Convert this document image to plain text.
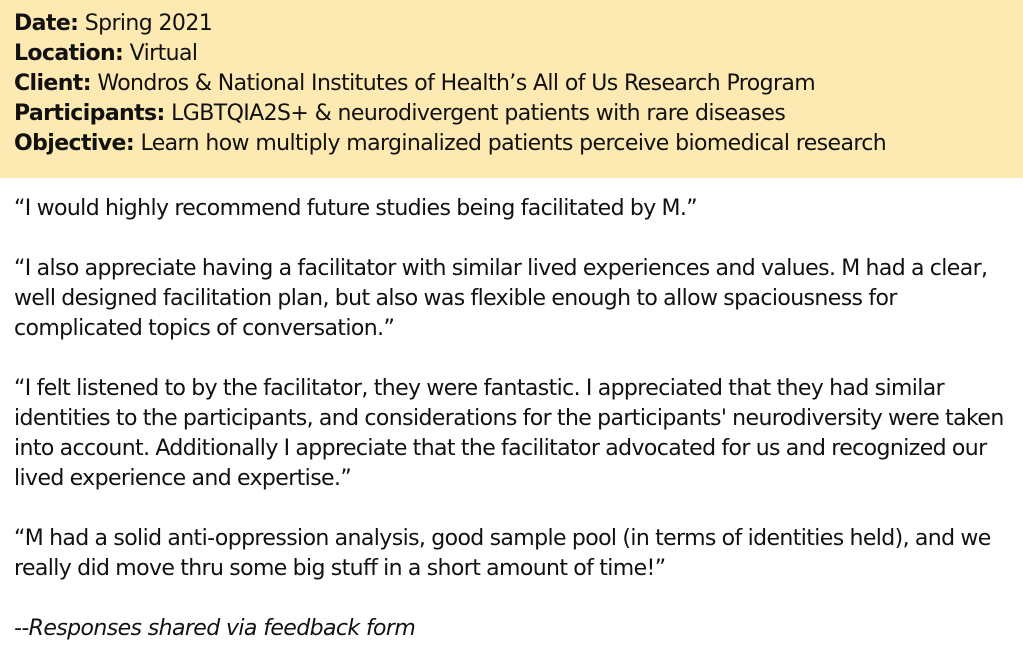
Date: Spring 2021

Location: Virtual

Client: Wondros & National Institutes of Health’s All of Us Research Program

Participants: LGBTQIA2S+ & neurodivergent patients with rare diseases

Objective: Learn how multiply marginalized patients perceive biomedical research

“I would highly recommend future studies being facilitated by M.”

“I also appreciate having a facilitator with similar lived experiences and values. M had a clear, well designed facilitation plan, but also was flexible enough to allow spaciousness for complicated topics of conversation.”

“I felt listened to by the facilitator, they were fantastic. I appreciated that they had similar identities to the participants, and considerations for the participants' neurodiversity were taken into account. Additionally I appreciate that the facilitator advocated for us and recognized our lived experience and expertise.”

“M had a solid anti-oppression analysis, good sample pool (in terms of identities held), and we really did move thru some big stuff in a short amount of time!”

--Responses shared via feedback form
